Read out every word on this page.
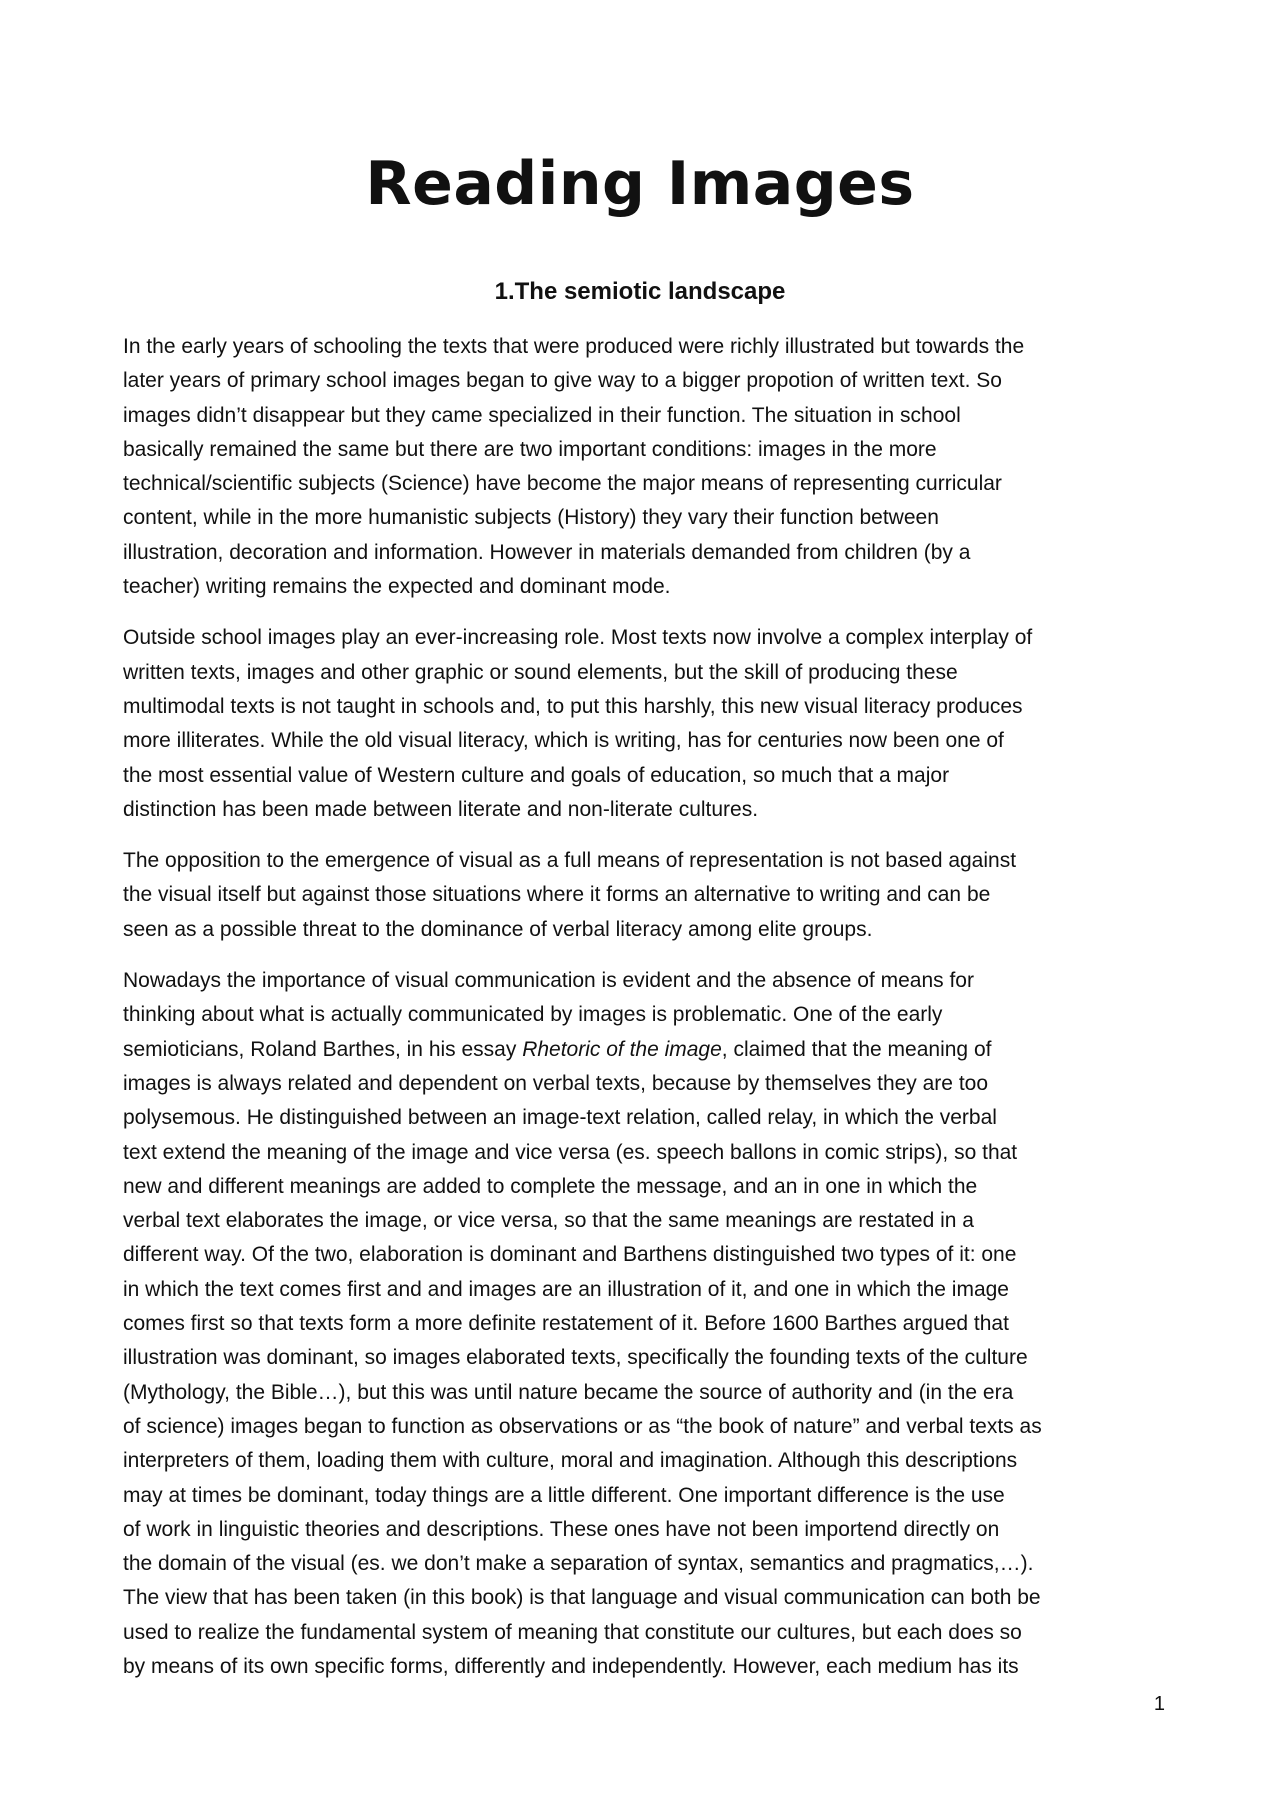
Reading Images
1.The semiotic landscape

In the early years of schooling the texts that were produced were richly illustrated but towards the
later years of primary school images began to give way to a bigger propotion of written text. So
images didn’t disappear but they came specialized in their function. The situation in school
basically remained the same but there are two important conditions: images in the more
technical/scientific subjects (Science) have become the major means of representing curricular
content, while in the more humanistic subjects (History) they vary their function between
illustration, decoration and information. However in materials demanded from children (by a
teacher) writing remains the expected and dominant mode.

Outside school images play an ever-increasing role. Most texts now involve a complex interplay of
written texts, images and other graphic or sound elements, but the skill of producing these
multimodal texts is not taught in schools and, to put this harshly, this new visual literacy produces
more illiterates. While the old visual literacy, which is writing, has for centuries now been one of
the most essential value of Western culture and goals of education, so much that a major
distinction has been made between literate and non-literate cultures.

The opposition to the emergence of visual as a full means of representation is not based against
the visual itself but against those situations where it forms an alternative to writing and can be
seen as a possible threat to the dominance of verbal literacy among elite groups.

Nowadays the importance of visual communication is evident and the absence of means for
thinking about what is actually communicated by images is problematic. One of the early
semioticians, Roland Barthes, in his essay Rhetoric of the image, claimed that the meaning of
images is always related and dependent on verbal texts, because by themselves they are too
polysemous. He distinguished between an image-text relation, called relay, in which the verbal
text extend the meaning of the image and vice versa (es. speech ballons in comic strips), so that
new and different meanings are added to complete the message, and an in one in which the
verbal text elaborates the image, or vice versa, so that the same meanings are restated in a
different way. Of the two, elaboration is dominant and Barthens distinguished two types of it: one
in which the text comes first and and images are an illustration of it, and one in which the image
comes first so that texts form a more definite restatement of it. Before 1600 Barthes argued that
illustration was dominant, so images elaborated texts, specifically the founding texts of the culture
(Mythology, the Bible…), but this was until nature became the source of authority and (in the era
of science) images began to function as observations or as “the book of nature” and verbal texts as
interpreters of them, loading them with culture, moral and imagination. Although this descriptions
may at times be dominant, today things are a little different. One important difference is the use
of work in linguistic theories and descriptions. These ones have not been importend directly on
the domain of the visual (es. we don’t make a separation of syntax, semantics and pragmatics,…).
The view that has been taken (in this book) is that language and visual communication can both be
used to realize the fundamental system of meaning that constitute our cultures, but each does so
by means of its own specific forms, differently and independently. However, each medium has its

1
